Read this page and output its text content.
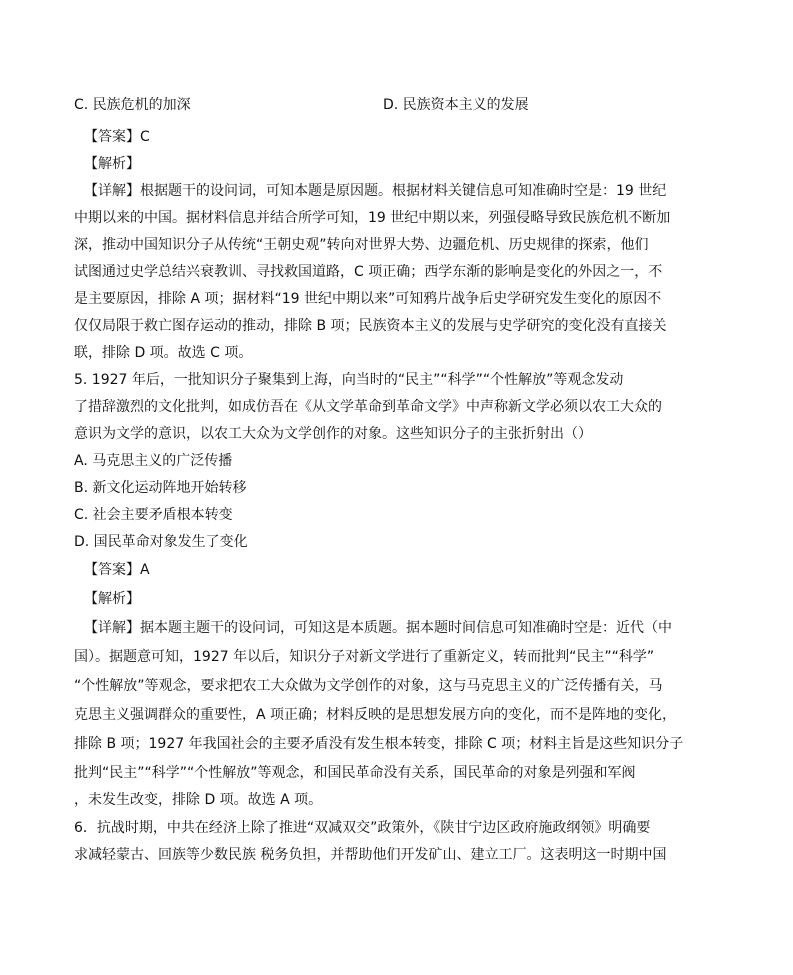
C. 民族危机的加深	D. 民族资本主义的发展
【答案】C
【解析】
【详解】根据题干的设问词，可知本题是原因题。根据材料关键信息可知准确时空是：19 世纪
中期以来的中国。据材料信息并结合所学可知，19 世纪中期以来，列强侵略导致民族危机不断加
深，推动中国知识分子从传统“王朝史观”转向对世界大势、边疆危机、历史规律的探索，他们
试图通过史学总结兴衰教训、寻找救国道路，C 项正确；西学东渐的影响是变化的外因之一，不
是主要原因，排除 A 项；据材料“19 世纪中期以来”可知鸦片战争后史学研究发生变化的原因不
仅仅局限于救亡图存运动的推动，排除 B 项；民族资本主义的发展与史学研究的变化没有直接关
联，排除 D 项。故选 C 项。
5. 1927 年后，一批知识分子聚集到上海，向当时的“民主”“科学”“个性解放”等观念发动
了措辞激烈的文化批判，如成仿吾在《从文学革命到革命文学》中声称新文学必须以农工大众的
意识为文学的意识，以农工大众为文学创作的对象。这些知识分子的主张折射出（）
A. 马克思主义的广泛传播
B. 新文化运动阵地开始转移
C. 社会主要矛盾根本转变
D. 国民革命对象发生了变化
【答案】A
【解析】
【详解】据本题主题干的设问词，可知这是本质题。据本题时间信息可知准确时空是：近代（中
国）。据题意可知，1927 年以后，知识分子对新文学进行了重新定义，转而批判“民主”“科学”
“个性解放”等观念，要求把农工大众做为文学创作的对象，这与马克思主义的广泛传播有关，马
克思主义强调群众的重要性，A 项正确；材料反映的是思想发展方向的变化，而不是阵地的变化，
排除 B 项；1927 年我国社会的主要矛盾没有发生根本转变，排除 C 项；材料主旨是这些知识分子
批判“民主”“科学”“个性解放”等观念，和国民革命没有关系，国民革命的对象是列强和军阀
，未发生改变，排除 D 项。故选 A 项。
6．抗战时期，中共在经济上除了推进“双减双交”政策外，《陕甘宁边区政府施政纲领》明确要
求减轻蒙古、回族等少数民族 税务负担，并帮助他们开发矿山、建立工厂。这表明这一时期中国
